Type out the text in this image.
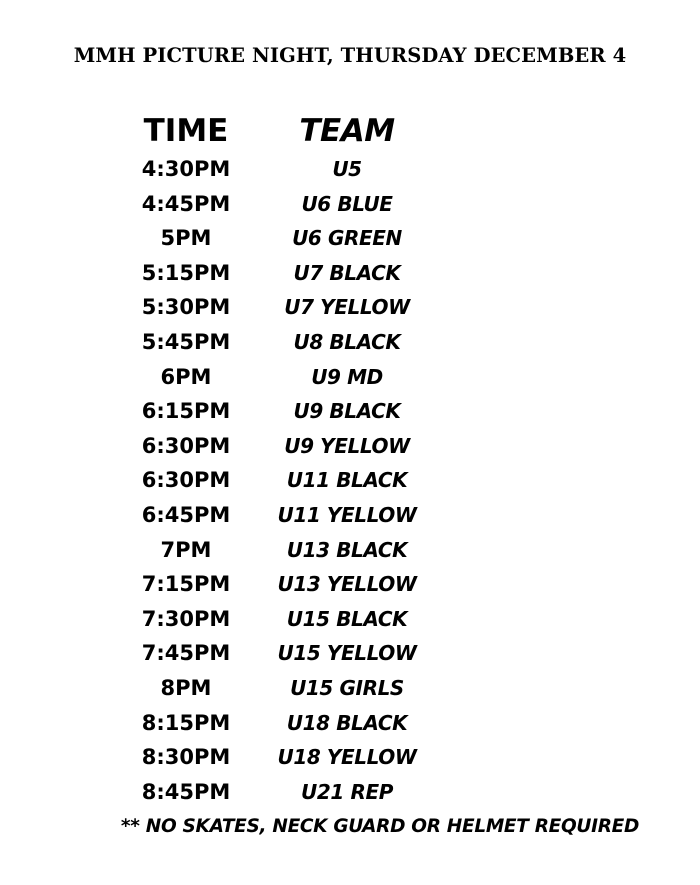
MMH PICTURE NIGHT, THURSDAY DECEMBER 4
TIME	TEAM
4:30PM	U5
4:45PM	U6 BLUE
5PM	U6 GREEN
5:15PM	U7 BLACK
5:30PM	U7 YELLOW
5:45PM	U8 BLACK
6PM	U9 MD
6:15PM	U9 BLACK
6:30PM	U9 YELLOW
6:30PM	U11 BLACK
6:45PM	U11 YELLOW
7PM	U13 BLACK
7:15PM	U13 YELLOW
7:30PM	U15 BLACK
7:45PM	U15 YELLOW
8PM	U15 GIRLS
8:15PM	U18 BLACK
8:30PM	U18 YELLOW
8:45PM	U21 REP
** NO SKATES, NECK GUARD OR HELMET REQUIRED
